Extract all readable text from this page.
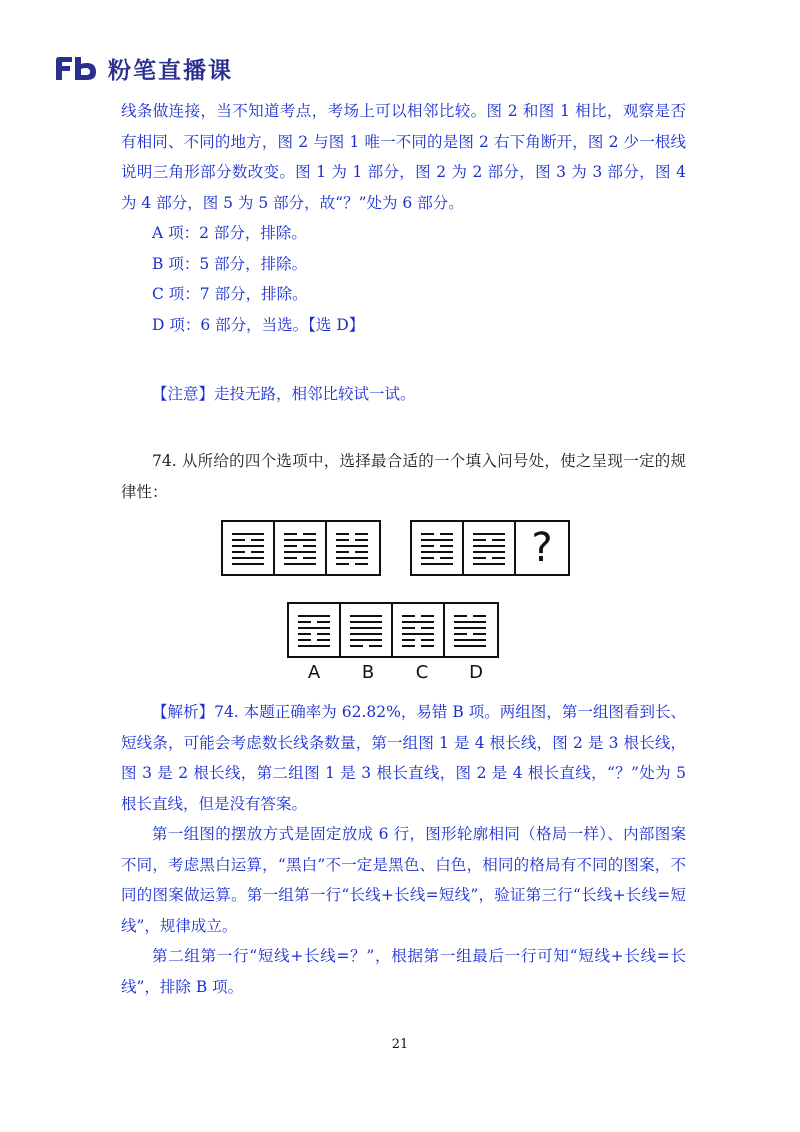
粉笔直播课

线条做连接，当不知道考点，考场上可以相邻比较。图 2 和图 1 相比，观察是否有相同、不同的地方，图 2 与图 1 唯一不同的是图 2 右下角断开，图 2 少一根线说明三角形部分数改变。图 1 为 1 部分，图 2 为 2 部分，图 3 为 3 部分，图 4 为 4 部分，图 5 为 5 部分，故“？”处为 6 部分。

A 项：2 部分，排除。

B 项：5 部分，排除。

C 项：7 部分，排除。

D 项：6 部分，当选。【选 D】

【注意】走投无路，相邻比较试一试。

74. 从所给的四个选项中，选择最合适的一个填入问号处，使之呈现一定的规律性：

?
A	B	C	D

【解析】74. 本题正确率为 62.82%，易错 B 项。两组图，第一组图看到长、短线条，可能会考虑数长线条数量，第一组图 1 是 4 根长线，图 2 是 3 根长线，图 3 是 2 根长线，第二组图 1 是 3 根长直线，图 2 是 4 根长直线，“？”处为 5 根长直线，但是没有答案。

第一组图的摆放方式是固定放成 6 行，图形轮廓相同（格局一样）、内部图案不同，考虑黑白运算，“黑白”不一定是黑色、白色，相同的格局有不同的图案，不同的图案做运算。第一组第一行“长线+长线=短线”，验证第三行“长线+长线=短线”，规律成立。

第二组第一行“短线+长线=？”，根据第一组最后一行可知“短线+长线=长线”，排除 B 项。

21
